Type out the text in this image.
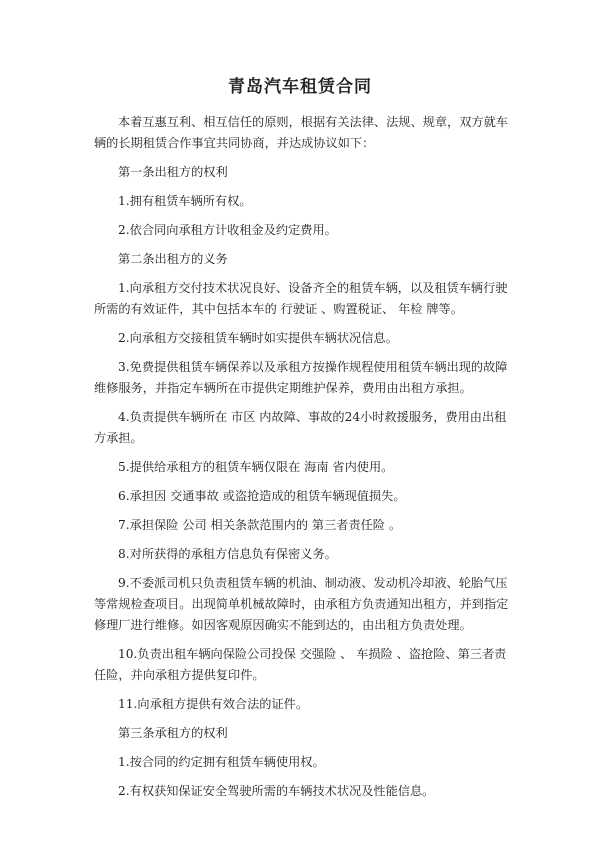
青岛汽车租赁合同

本着互惠互利、相互信任的原则，根据有关法律、法规、规章，双方就车辆的长期租赁合作事宜共同协商，并达成协议如下：

第一条出租方的权利

1.拥有租赁车辆所有权。

2.依合同向承租方计收租金及约定费用。

第二条出租方的义务

1.向承租方交付技术状况良好、设备齐全的租赁车辆，以及租赁车辆行驶所需的有效证件，其中包括本车的 行驶证 、购置税证、 年检 牌等。

2.向承租方交接租赁车辆时如实提供车辆状况信息。

3.免费提供租赁车辆保养以及承租方按操作规程使用租赁车辆出现的故障维修服务，并指定车辆所在市提供定期维护保养，费用由出租方承担。

4.负责提供车辆所在 市区 内故障、事故的24小时救援服务，费用由出租方承担。

5.提供给承租方的租赁车辆仅限在 海南 省内使用。

6.承担因 交通事故 或盗抢造成的租赁车辆现值损失。

7.承担保险 公司 相关条款范围内的 第三者责任险 。

8.对所获得的承租方信息负有保密义务。

9.不委派司机只负责租赁车辆的机油、制动液、发动机冷却液、轮胎气压等常规检查项目。出现简单机械故障时，由承租方负责通知出租方，并到指定修理厂进行维修。如因客观原因确实不能到达的，由出租方负责处理。

10.负责出租车辆向保险公司投保 交强险 、 车损险 、盗抢险、第三者责任险，并向承租方提供复印件。

11.向承租方提供有效合法的证件。

第三条承租方的权利

1.按合同的约定拥有租赁车辆使用权。

2.有权获知保证安全驾驶所需的车辆技术状况及性能信息。
